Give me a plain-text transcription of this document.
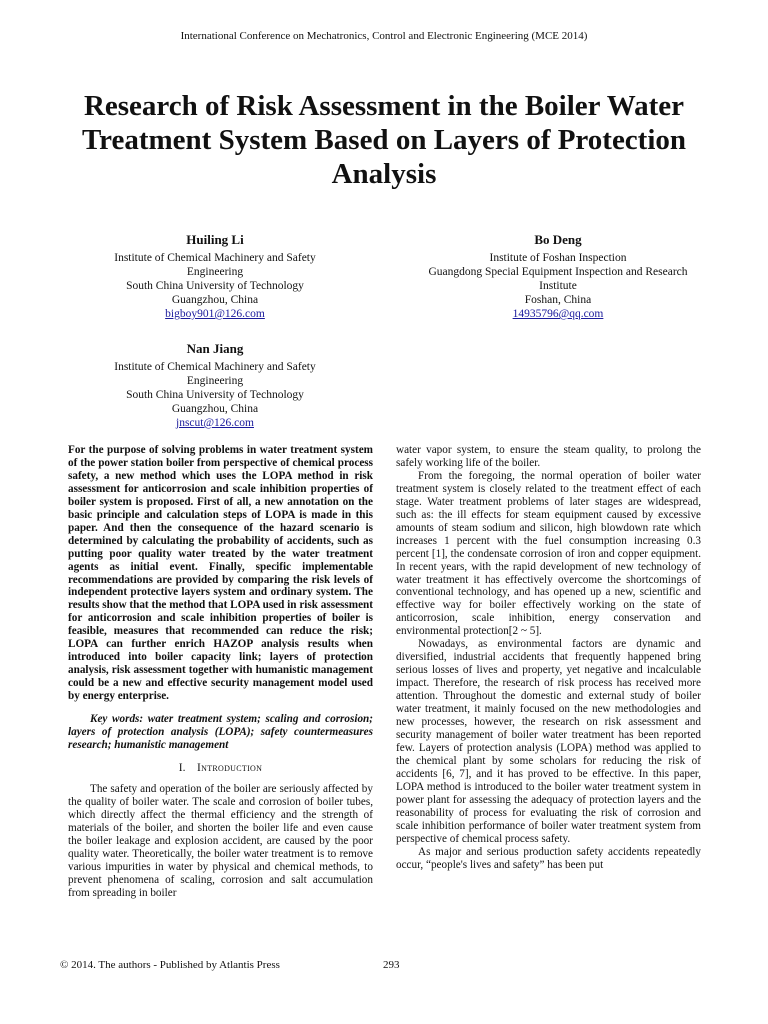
International Conference on Mechatronics, Control and Electronic Engineering (MCE 2014)
Research of Risk Assessment in the Boiler Water Treatment System Based on Layers of Protection Analysis
Huiling Li
Institute of Chemical Machinery and Safety
Engineering
South China University of Technology
Guangzhou, China
bigboy901@126.com
Bo Deng
Institute of Foshan Inspection
Guangdong Special Equipment Inspection and Research
Institute
Foshan, China
14935796@qq.com
Nan Jiang
Institute of Chemical Machinery and Safety
Engineering
South China University of Technology
Guangzhou, China
jnscut@126.com

For the purpose of solving problems in water treatment system of the power station boiler from perspective of chemical process safety, a new method which uses the LOPA method in risk assessment for anticorrosion and scale inhibition properties of boiler system is proposed. First of all, a new annotation on the basic principle and calculation steps of LOPA is made in this paper. And then the consequence of the hazard scenario is determined by calculating the probability of accidents, such as putting poor quality water treated by the water treatment agents as initial event. Finally, specific implementable recommendations are provided by comparing the risk levels of independent protective layers system and ordinary system. The results show that the method that LOPA used in risk assessment for anticorrosion and scale inhibition properties of boiler is feasible, measures that recommended can reduce the risk; LOPA can further enrich HAZOP analysis results when introduced into boiler capacity link; layers of protection analysis, risk assessment together with humanistic management could be a new and effective security management model used by energy enterprise.

Key words: water treatment system; scaling and corrosion; layers of protection analysis (LOPA); safety countermeasures research; humanistic management

I. Introduction

The safety and operation of the boiler are seriously affected by the quality of boiler water. The scale and corrosion of boiler tubes, which directly affect the thermal efficiency and the strength of materials of the boiler, and shorten the boiler life and even cause the boiler leakage and explosion accident, are caused by the poor quality water. Theoretically, the boiler water treatment is to remove various impurities in water by physical and chemical methods, to prevent phenomena of scaling, corrosion and salt accumulation from spreading in boiler

water vapor system, to ensure the steam quality, to prolong the safely working life of the boiler.

From the foregoing, the normal operation of boiler water treatment system is closely related to the treatment effect of each stage. Water treatment problems of later stages are widespread, such as: the ill effects for steam equipment caused by excessive amounts of steam sodium and silicon, high blowdown rate which increases 1 percent with the fuel consumption increasing 0.3 percent [1], the condensate corrosion of iron and copper equipment. In recent years, with the rapid development of new technology of water treatment it has effectively overcome the shortcomings of conventional technology, and has opened up a new, scientific and effective way for boiler effectively working on the state of anticorrosion, scale inhibition, energy conservation and environmental protection[2 ~ 5].

Nowadays, as environmental factors are dynamic and diversified, industrial accidents that frequently happened bring serious losses of lives and property, yet negative and incalculable impact. Therefore, the research of risk process has received more attention. Throughout the domestic and external study of boiler water treatment, it mainly focused on the new methodologies and new processes, however, the research on risk assessment and security management of boiler water treatment has been reported few. Layers of protection analysis (LOPA) method was applied to the chemical plant by some scholars for reducing the risk of accidents [6, 7], and it has proved to be effective. In this paper, LOPA method is introduced to the boiler water treatment system in power plant for assessing the adequacy of protection layers and the reasonability of process for evaluating the risk of corrosion and scale inhibition performance of boiler water treatment system from perspective of chemical process safety.

As major and serious production safety accidents repeatedly occur, “people's lives and safety” has been put

© 2014. The authors - Published by Atlantis Press	293
